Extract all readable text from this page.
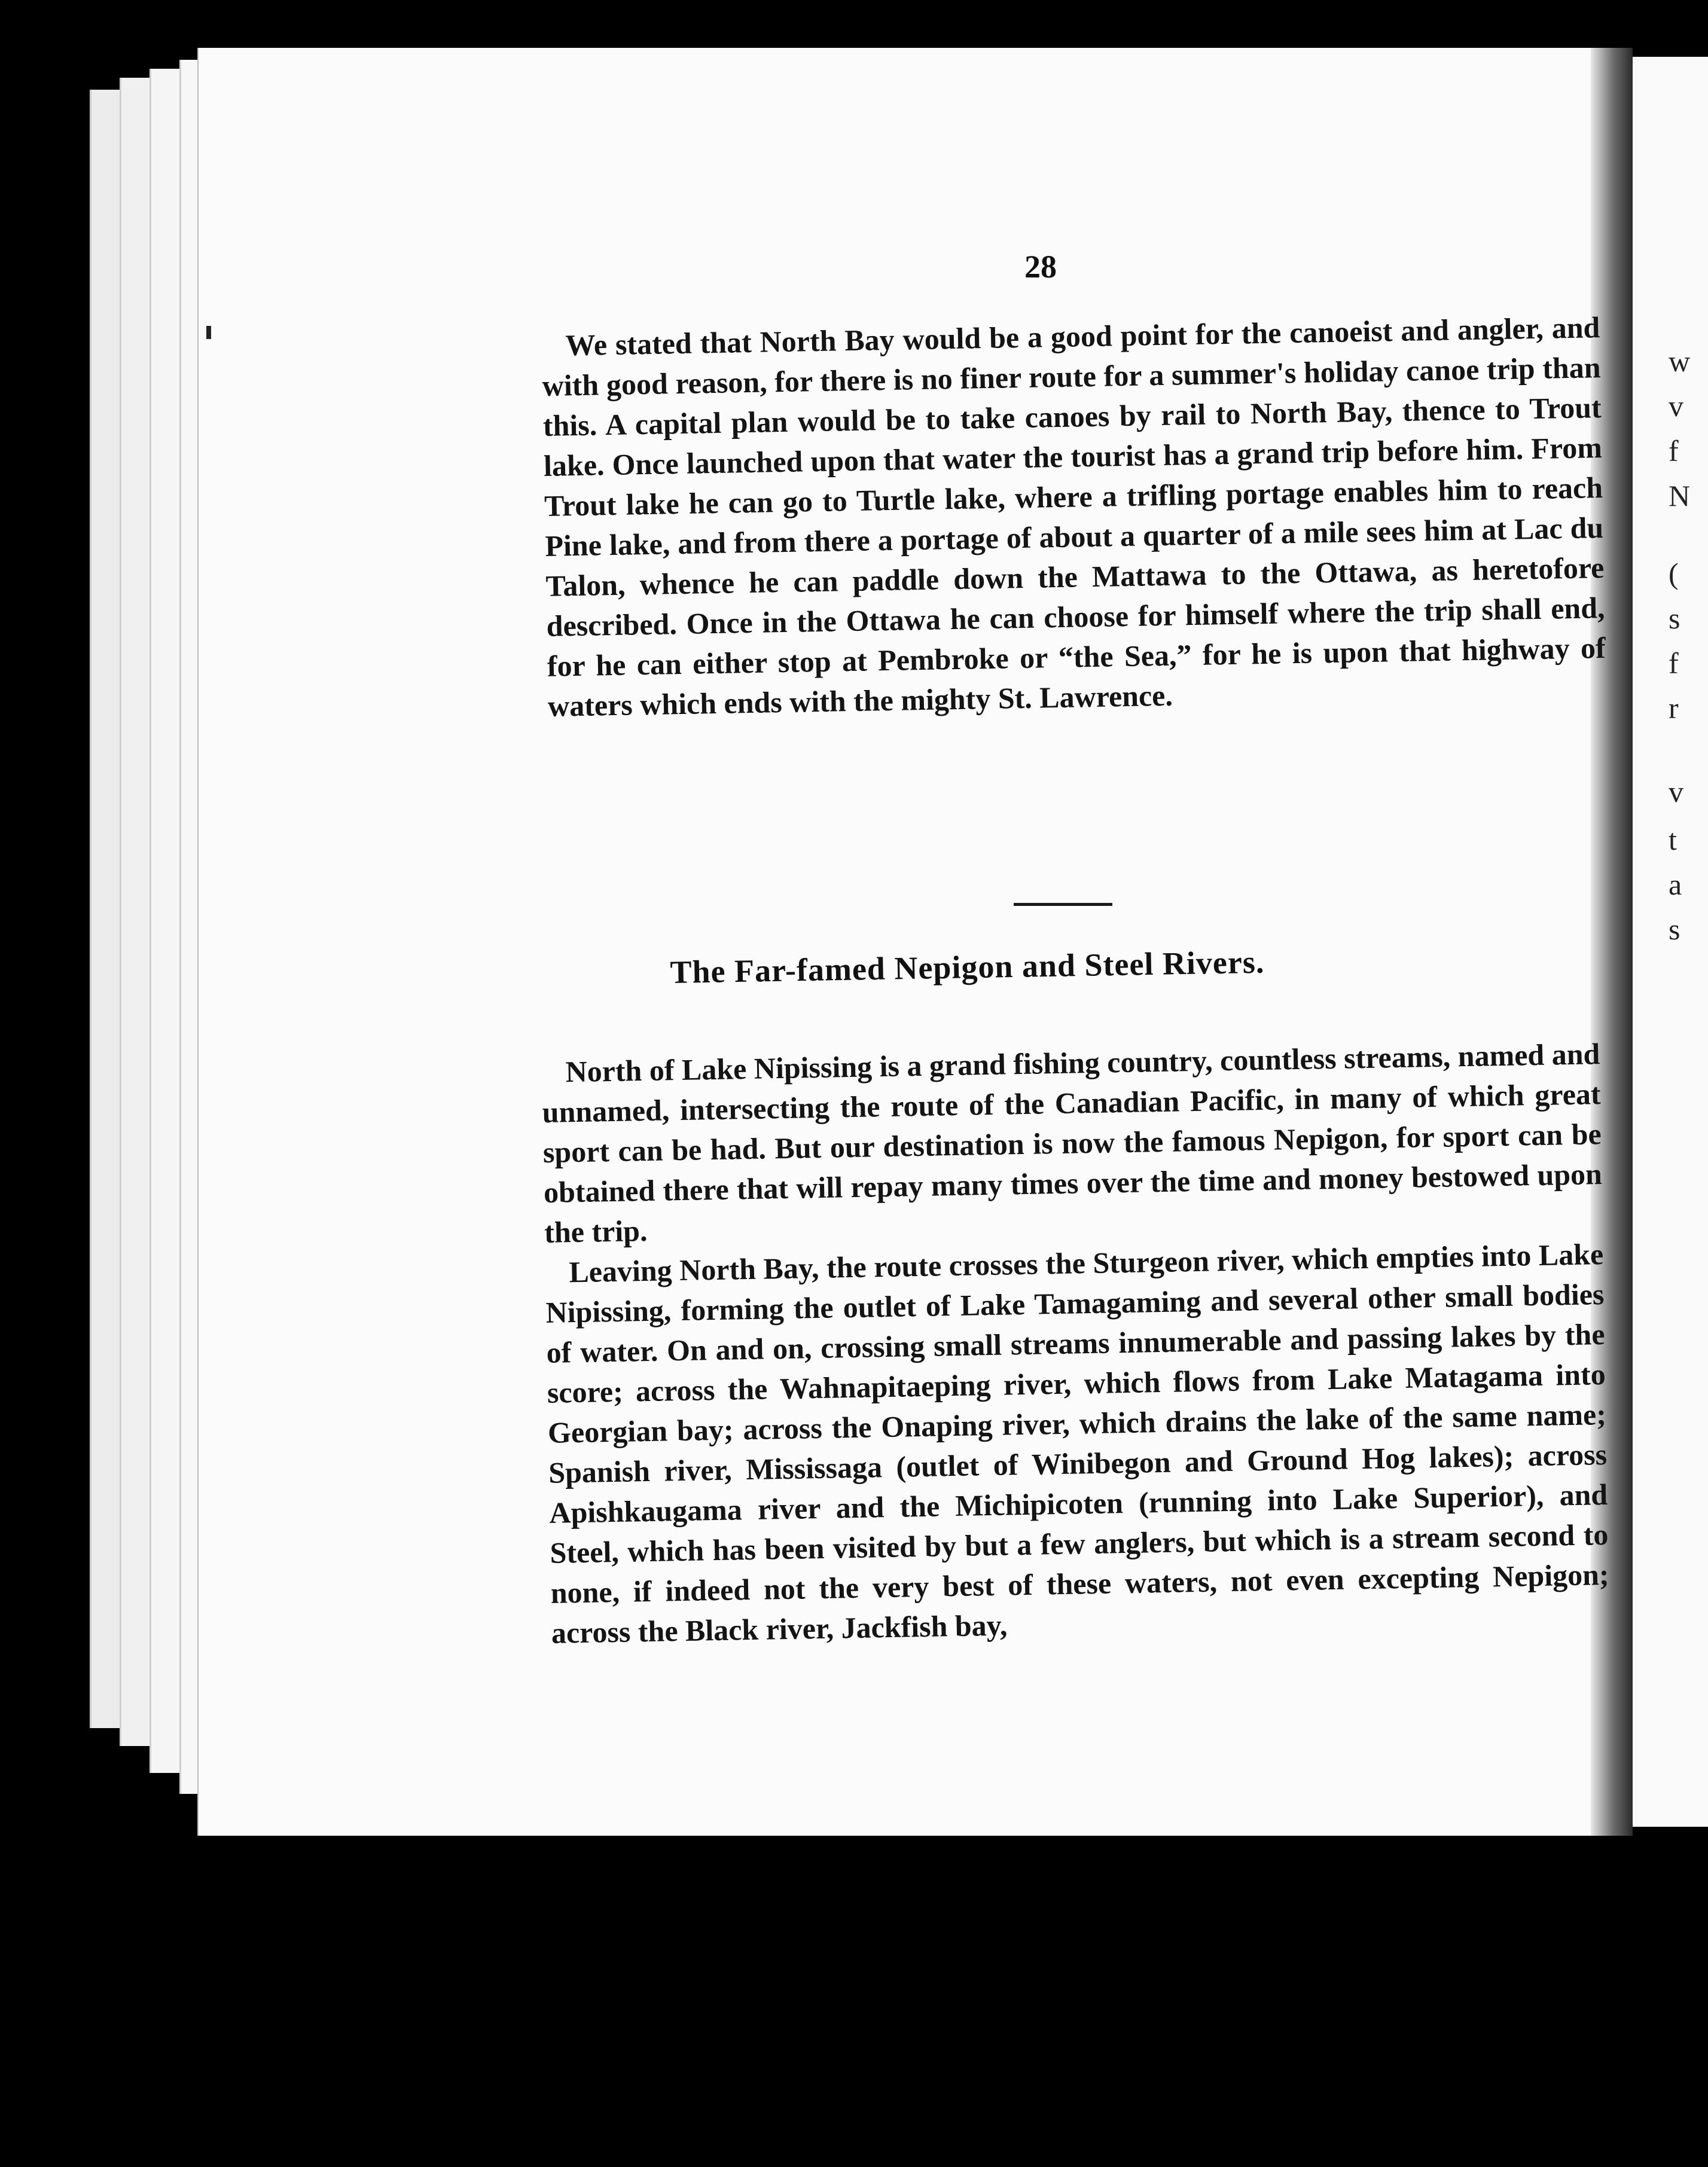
w
v
f
N
(
s
f
r
v
t
a
s
28

We stated that North Bay would be a good point for the canoeist and angler, and with good reason, for there is no finer route for a summer's holiday canoe trip than this. A capital plan would be to take canoes by rail to North Bay, thence to Trout lake. Once launched upon that water the tourist has a grand trip before him. From Trout lake he can go to Turtle lake, where a trifling portage enables him to reach Pine lake, and from there a portage of about a quarter of a mile sees him at Lac du Talon, whence he can paddle down the Mattawa to the Ottawa, as heretofore described. Once in the Ottawa he can choose for himself where the trip shall end, for he can either stop at Pembroke or “the Sea,” for he is upon that highway of waters which ends with the mighty St. Lawrence.

The Far-famed Nepigon and Steel Rivers.

North of Lake Nipissing is a grand fishing country, countless streams, named and unnamed, intersecting the route of the Canadian Pacific, in many of which great sport can be had. But our destination is now the famous Nepigon, for sport can be obtained there that will repay many times over the time and money bestowed upon the trip.

Leaving North Bay, the route crosses the Sturgeon river, which empties into Lake Nipissing, forming the outlet of Lake Tamagaming and several other small bodies of water. On and on, crossing small streams innumerable and passing lakes by the score; across the Wahnapitaeping river, which flows from Lake Matagama into Georgian bay; across the Onaping river, which drains the lake of the same name; Spanish river, Mississaga (outlet of Winibegon and Ground Hog lakes); across Apishkaugama river and the Michipicoten (running into Lake Superior), and Steel, which has been visited by but a few anglers, but which is a stream second to none, if indeed not the very best of these waters, not even excepting Nepigon; across the Black river, Jackfish bay,
